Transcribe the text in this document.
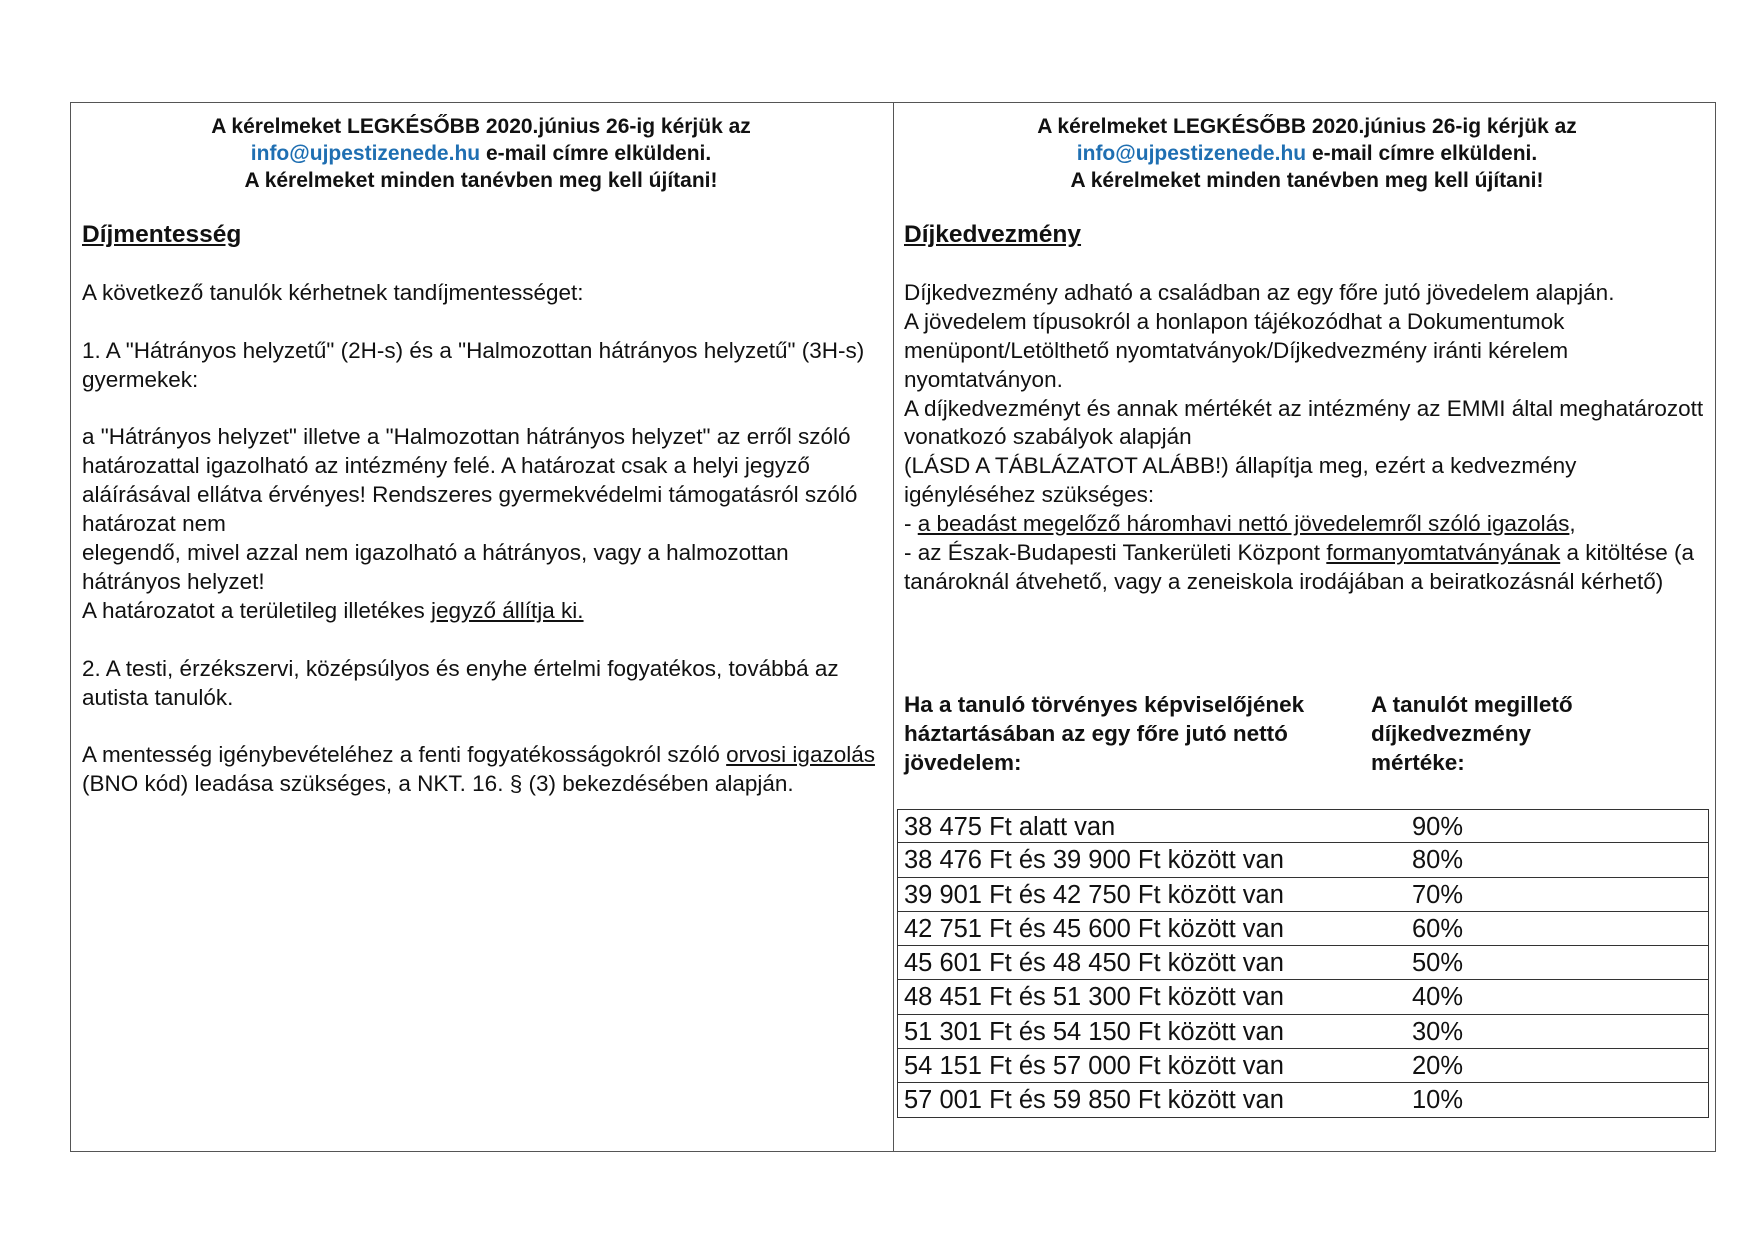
A kérelmeket LEGKÉSŐBB 2020.június 26-ig kérjük az
info@ujpestizenede.hu e-mail címre elküldeni.
A kérelmeket minden tanévben meg kell újítani!
Díjmentesség

A következő tanulók kérhetnek tandíjmentességet:

1. A "Hátrányos helyzetű" (2H-s) és a "Halmozottan hátrányos helyzetű" (3H-s) gyermekek:

a "Hátrányos helyzet" illetve a "Halmozottan hátrányos helyzet" az erről szóló határozattal igazolható az intézmény felé. A határozat csak a helyi jegyző aláírásával ellátva érvényes! Rendszeres gyermekvédelmi támogatásról szóló határozat nem

elegendő, mivel azzal nem igazolható a hátrányos, vagy a halmozottan hátrányos helyzet!

A határozatot a területileg illetékes jegyző állítja ki.

2. A testi, érzékszervi, középsúlyos és enyhe értelmi fogyatékos, továbbá az autista tanulók.

A mentesség igénybevételéhez a fenti fogyatékosságokról szóló orvosi igazolás (BNO kód) leadása szükséges, a NKT. 16. § (3) bekezdésében alapján.

A kérelmeket LEGKÉSŐBB 2020.június 26-ig kérjük az
info@ujpestizenede.hu e-mail címre elküldeni.
A kérelmeket minden tanévben meg kell újítani!
Díjkedvezmény

Díjkedvezmény adható a családban az egy főre jutó jövedelem alapján.

A jövedelem típusokról a honlapon tájékozódhat a Dokumentumok menüpont/Letölthető nyomtatványok/Díjkedvezmény iránti kérelem nyomtatványon.

A díjkedvezményt és annak mértékét az intézmény az EMMI által meghatározott vonatkozó szabályok alapján

(LÁSD A TÁBLÁZATOT ALÁBB!) állapítja meg, ezért a kedvezmény igényléséhez szükséges:

- a beadást megelőző háromhavi nettó jövedelemről szóló igazolás,

- az Észak-Budapesti Tankerületi Központ formanyomtatványának a kitöltése (a tanároknál átvehető, vagy a zeneiskola irodájában a beiratkozásnál kérhető)

Ha a tanuló törvényes képviselőjének háztartásában az egy főre jutó nettó jövedelem:
A tanulót megillető díjkedvezmény mértéke:
38 475 Ft alatt van	90%
38 476 Ft és 39 900 Ft között van	80%
39 901 Ft és 42 750 Ft között van	70%
42 751 Ft és 45 600 Ft között van	60%
45 601 Ft és 48 450 Ft között van	50%
48 451 Ft és 51 300 Ft között van	40%
51 301 Ft és 54 150 Ft között van	30%
54 151 Ft és 57 000 Ft között van	20%
57 001 Ft és 59 850 Ft között van	10%
